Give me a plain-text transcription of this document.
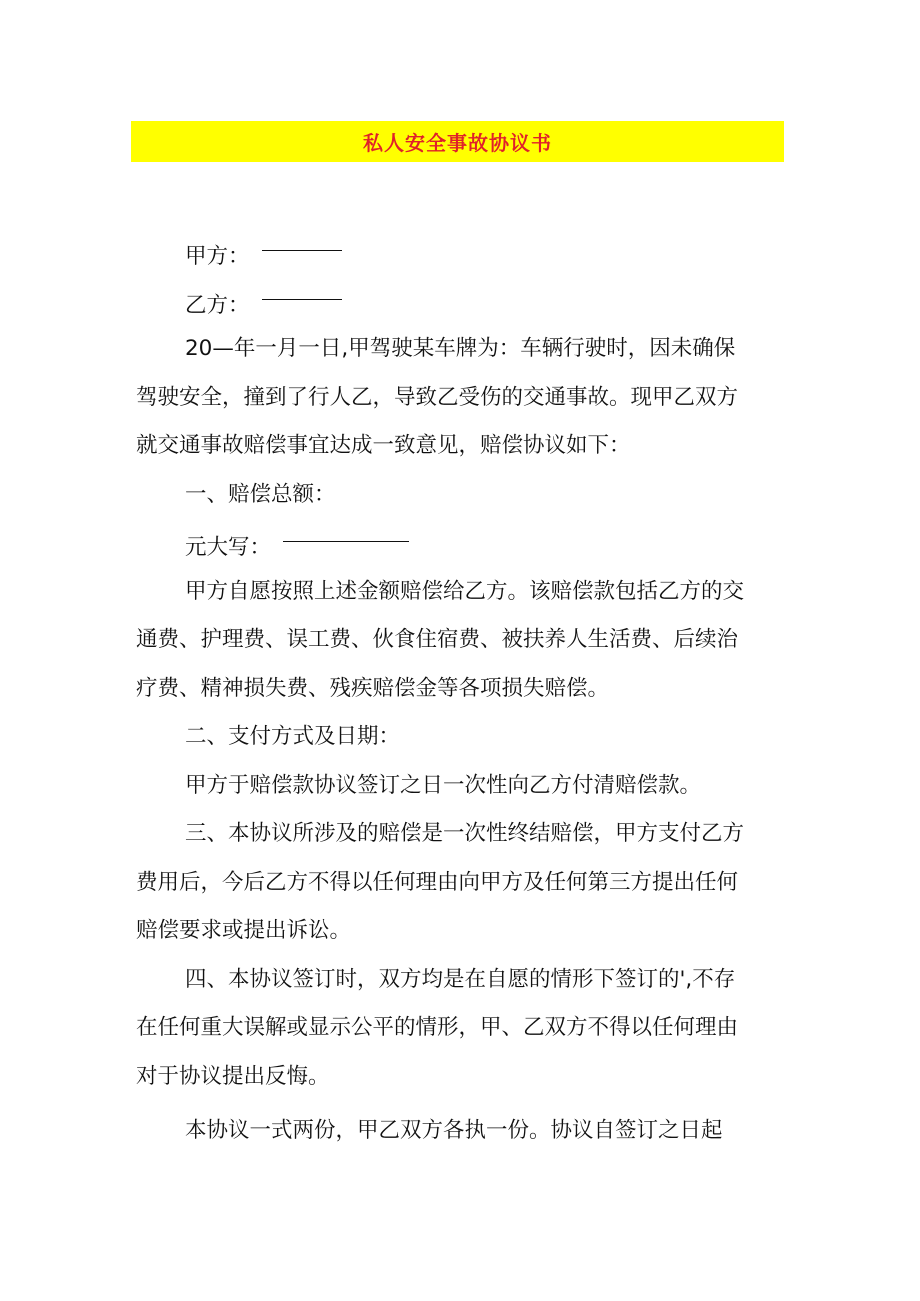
私人安全事故协议书
甲方：
乙方：
20—年一月一日,甲驾驶某车牌为：车辆行驶时，因未确保
驾驶安全，撞到了行人乙，导致乙受伤的交通事故。现甲乙双方
就交通事故赔偿事宜达成一致意见，赔偿协议如下：
一、赔偿总额：
元大写：
甲方自愿按照上述金额赔偿给乙方。该赔偿款包括乙方的交
通费、护理费、误工费、伙食住宿费、被扶养人生活费、后续治
疗费、精神损失费、残疾赔偿金等各项损失赔偿。
二、支付方式及日期：
甲方于赔偿款协议签订之日一次性向乙方付清赔偿款。
三、本协议所涉及的赔偿是一次性终结赔偿，甲方支付乙方
费用后，今后乙方不得以任何理由向甲方及任何第三方提出任何
赔偿要求或提出诉讼。
四、本协议签订时，双方均是在自愿的情形下签订的',不存
在任何重大误解或显示公平的情形，甲、乙双方不得以任何理由
对于协议提出反悔。
本协议一式两份，甲乙双方各执一份。协议自签订之日起
